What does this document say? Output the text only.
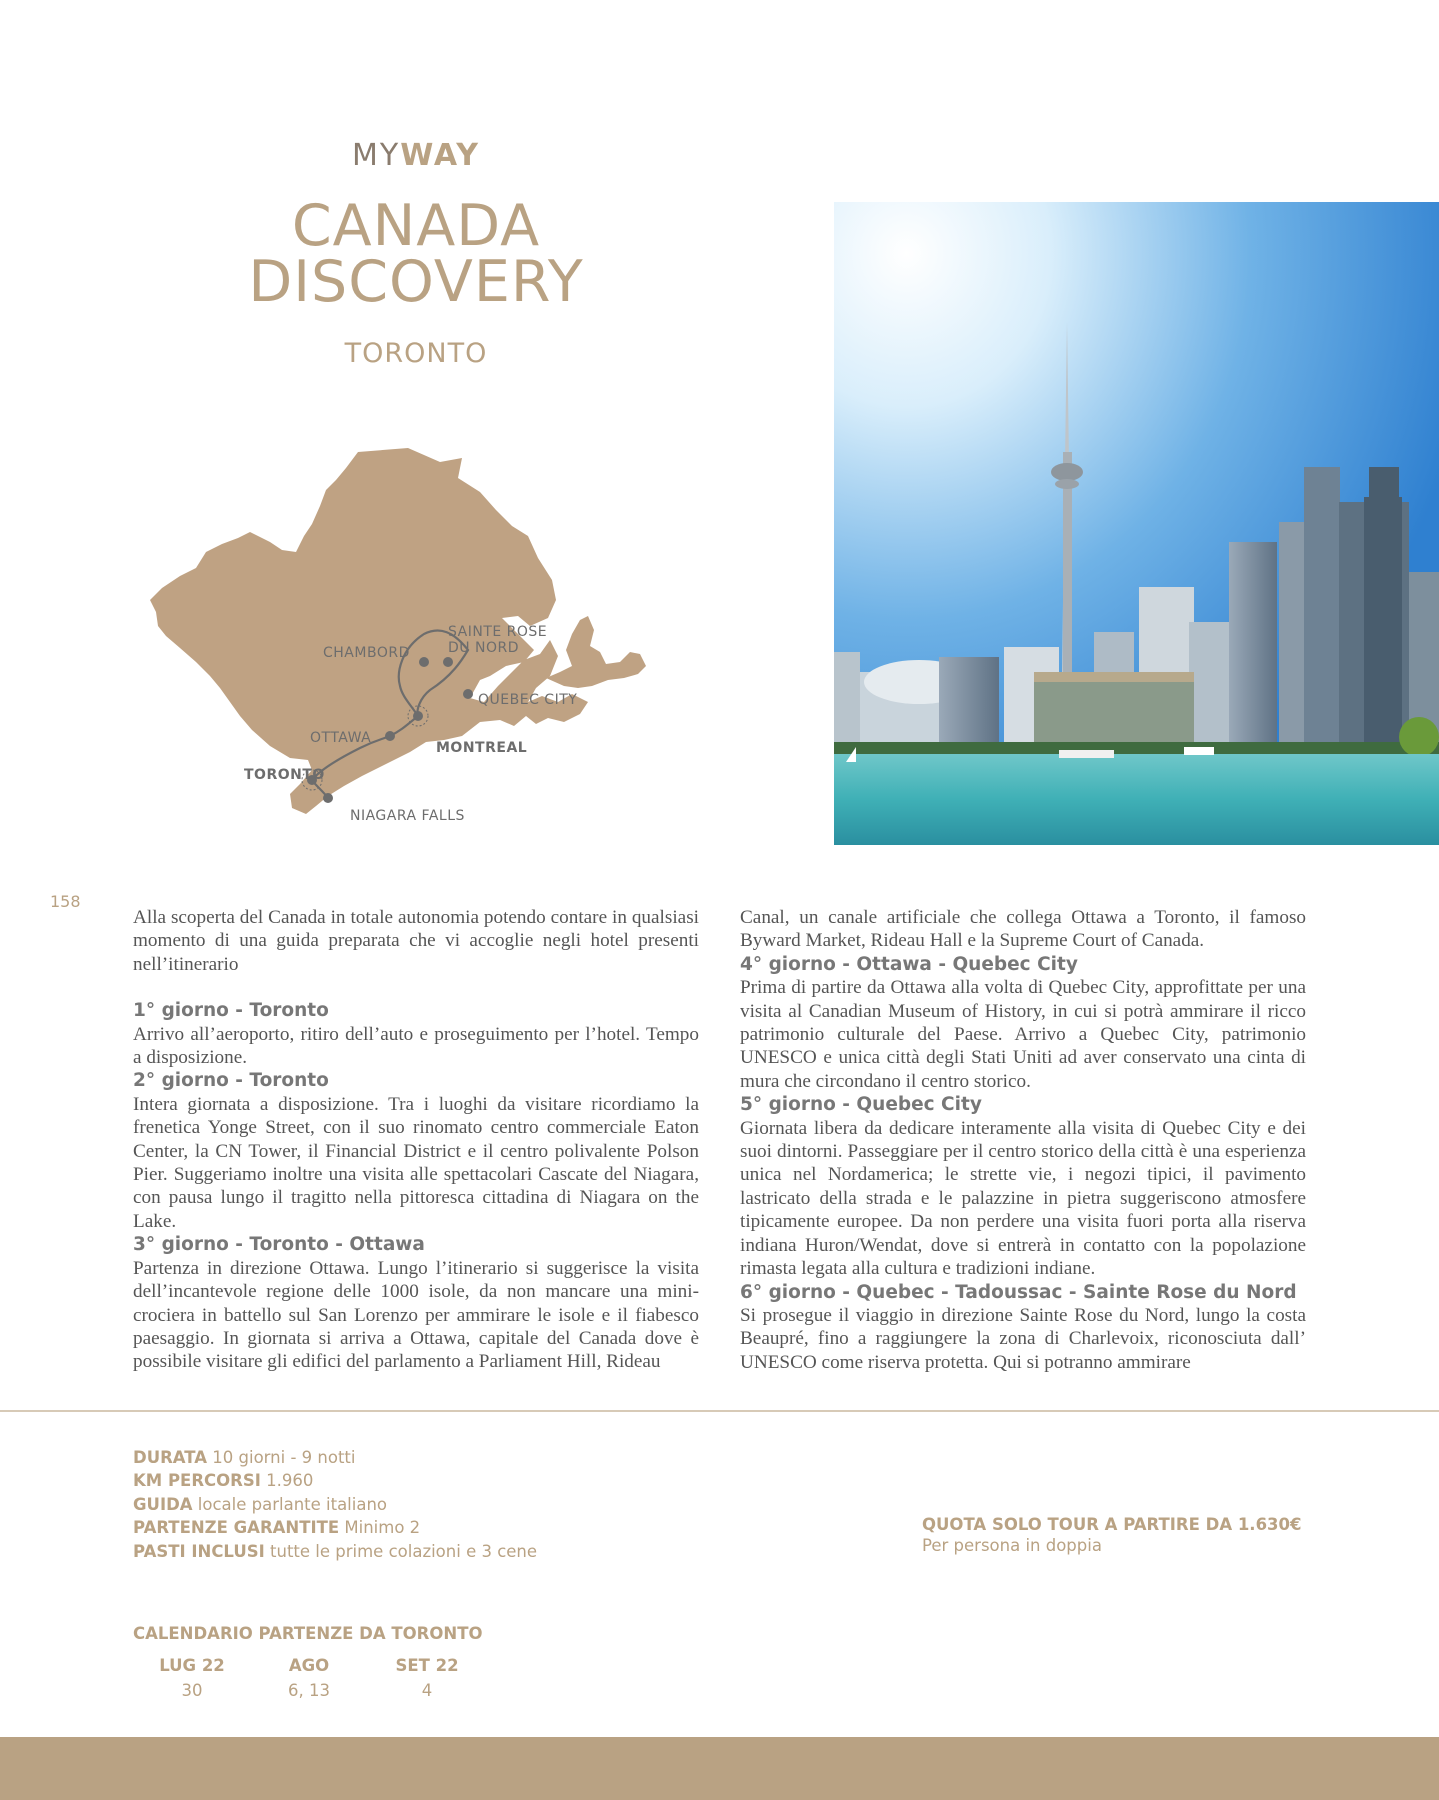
MYWAY
CANADA
DISCOVERY
TORONTO
CHAMBORD
SAINTE ROSE
DU NORD
QUEBEC CITY
OTTAWA
MONTREAL
TORONTO
NIAGARA FALLS
158

Alla scoperta del Canada in totale autonomia potendo contare in qualsiasi momento di una guida preparata che vi accoglie negli hotel presenti nell’itinerario

1° giorno - Toronto

Arrivo all’aeroporto, ritiro dell’auto e proseguimento per l’hotel. Tempo a disposizione.

2° giorno - Toronto

Intera giornata a disposizione. Tra i luoghi da visitare ricordiamo la frenetica Yonge Street, con il suo rinomato centro commerciale Eaton Center, la CN Tower, il Financial District e il centro polivalente Polson Pier. Suggeriamo inoltre una visita alle spettacolari Cascate del Niagara, con pausa lungo il tragitto nella pittoresca cittadina di Niagara on the Lake.

3° giorno - Toronto - Ottawa

Partenza in direzione Ottawa. Lungo l’itinerario si suggerisce la visita dell’incantevole regione delle 1000 isole, da non mancare una mini-crociera in battello sul San Lorenzo per ammirare le isole e il fiabesco paesaggio. In giornata si arriva a Ottawa, capitale del Canada dove è possibile visitare gli edifici del parlamento a Parliament Hill, Rideau

Canal, un canale artificiale che collega Ottawa a Toronto, il famoso Byward Market, Rideau Hall e la Supreme Court of Canada.

4° giorno - Ottawa - Quebec City

Prima di partire da Ottawa alla volta di Quebec City, approfittate per una visita al Canadian Museum of History, in cui si potrà ammirare il ricco patrimonio culturale del Paese. Arrivo a Quebec City, patrimonio UNESCO e unica città degli Stati Uniti ad aver conservato una cinta di mura che circondano il centro storico.

5° giorno - Quebec City

Giornata libera da dedicare interamente alla visita di Quebec City e dei suoi dintorni. Passeggiare per il centro storico della città è una esperienza unica nel Nordamerica; le strette vie, i negozi tipici, il pavimento lastricato della strada e le palazzine in pietra suggeriscono atmosfere tipicamente europee. Da non perdere una visita fuori porta alla riserva indiana Huron/Wendat, dove si entrerà in contatto con la popolazione rimasta legata alla cultura e tradizioni indiane.

6° giorno - Quebec - Tadoussac - Sainte Rose du Nord

Si prosegue il viaggio in direzione Sainte Rose du Nord, lungo la costa Beaupré, fino a raggiungere la zona di Charlevoix, riconosciuta dall’ UNESCO come riserva protetta. Qui si potranno ammirare

DURATA 10 giorni - 9 notti
KM PERCORSI 1.960
GUIDA locale parlante italiano
PARTENZE GARANTITE Minimo 2
PASTI INCLUSI tutte le prime colazioni e 3 cene
QUOTA SOLO TOUR A PARTIRE DA 1.630€
Per persona in doppia
CALENDARIO PARTENZE DA TORONTO
LUG 22
30
AGO
6, 13
SET 22
4
